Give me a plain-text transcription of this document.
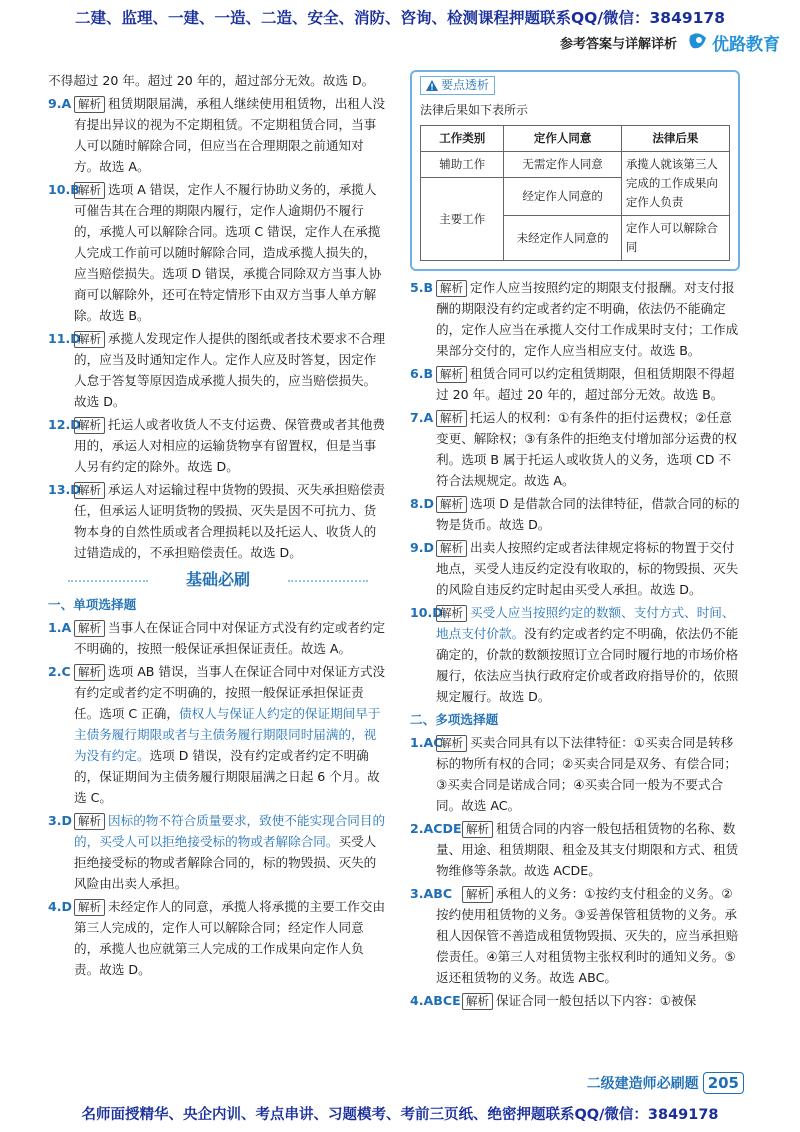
二建、监理、一建、一造、二造、安全、消防、咨询、检测课程押题联系QQ/微信：3849178
参考答案与详解详析 优路教育
不得超过 20 年。超过 20 年的，超过部分无效。故选 D。
9.A 解析 租赁期限届满，承租人继续使用租赁物，出租人没有提出异议的视为不定期租赁。不定期租赁合同，当事人可以随时解除合同，但应当在合理期限之前通知对方。故选 A。
10.B解析 选项 A 错误，定作人不履行协助义务的，承揽人可催告其在合理的期限内履行，定作人逾期仍不履行的，承揽人可以解除合同。选项 C 错误，定作人在承揽人完成工作前可以随时解除合同，造成承揽人损失的，应当赔偿损失。选项 D 错误，承揽合同除双方当事人协商可以解除外，还可在特定情形下由双方当事人单方解除。故选 B。
11.D解析 承揽人发现定作人提供的图纸或者技术要求不合理的，应当及时通知定作人。定作人应及时答复，因定作人怠于答复等原因造成承揽人损失的，应当赔偿损失。故选 D。
12.D解析 托运人或者收货人不支付运费、保管费或者其他费用的，承运人对相应的运输货物享有留置权，但是当事人另有约定的除外。故选 D。
13.D解析 承运人对运输过程中货物的毁损、灭失承担赔偿责任，但承运人证明货物的毁损、灭失是因不可抗力、货物本身的自然性质或者合理损耗以及托运人、收货人的过错造成的，不承担赔偿责任。故选 D。
基础必刷
一、单项选择题
1.A 解析 当事人在保证合同中对保证方式没有约定或者约定不明确的，按照一般保证承担保证责任。故选 A。
2.C 解析 选项 AB 错误，当事人在保证合同中对保证方式没有约定或者约定不明确的，按照一般保证承担保证责任。选项 C 正确，债权人与保证人约定的保证期间早于主债务履行期限或者与主债务履行期限同时届满的，视为没有约定。选项 D 错误，没有约定或者约定不明确的，保证期间为主债务履行期限届满之日起 6 个月。故选 C。
3.D 解析 因标的物不符合质量要求，致使不能实现合同目的的，买受人可以拒绝接受标的物或者解除合同。买受人拒绝接受标的物或者解除合同的，标的物毁损、灭失的风险由出卖人承担。
4.D 解析 未经定作人的同意，承揽人将承揽的主要工作交由第三人完成的，定作人可以解除合同；经定作人同意的，承揽人也应就第三人完成的工作成果向定作人负责。故选 D。
要点透析
法律后果如下表所示
工作类别	定作人同意	法律后果
辅助工作	无需定作人同意	承揽人就该第三人完成的工作成果向定作人负责
主要工作	经定作人同意的	
	未经定作人同意的	定作人可以解除合同
5.B 解析 定作人应当按照约定的期限支付报酬。对支付报酬的期限没有约定或者约定不明确，依法仍不能确定的，定作人应当在承揽人交付工作成果时支付；工作成果部分交付的，定作人应当相应支付。故选 B。
6.B 解析 租赁合同可以约定租赁期限，但租赁期限不得超过 20 年。超过 20 年的，超过部分无效。故选 B。
7.A 解析 托运人的权利：①有条件的拒付运费权；②任意变更、解除权；③有条件的拒绝支付增加部分运费的权利。选项 B 属于托运人或收货人的义务，选项 CD 不符合法规规定。故选 A。
8.D 解析 选项 D 是借款合同的法律特征，借款合同的标的物是货币。故选 D。
9.D 解析 出卖人按照约定或者法律规定将标的物置于交付地点，买受人违反约定没有收取的，标的物毁损、灭失的风险自违反约定时起由买受人承担。故选 D。
10.D解析 买受人应当按照约定的数额、支付方式、时间、地点支付价款。没有约定或者约定不明确，依法仍不能确定的，价款的数额按照订立合同时履行地的市场价格履行，依法应当执行政府定价或者政府指导价的，依照规定履行。故选 D。
二、多项选择题
1.AC解析 买卖合同具有以下法律特征：①买卖合同是转移标的物所有权的合同；②买卖合同是双务、有偿合同；③买卖合同是诺成合同；④买卖合同一般为不要式合同。故选 AC。
2.ACDE 解析 租赁合同的内容一般包括租赁物的名称、数量、用途、租赁期限、租金及其支付期限和方式、租赁物维修等条款。故选 ACDE。
3.ABC 解析 承租人的义务：①按约支付租金的义务。②按约使用租赁物的义务。③妥善保管租赁物的义务。承租人因保管不善造成租赁物毁损、灭失的，应当承担赔偿责任。④第三人对租赁物主张权利时的通知义务。⑤返还租赁物的义务。故选 ABC。
4.ABCE 解析 保证合同一般包括以下内容：①被保
二级建造师必刷题 205
名师面授精华、央企内训、考点串讲、习题模考、考前三页纸、绝密押题联系QQ/微信：3849178
